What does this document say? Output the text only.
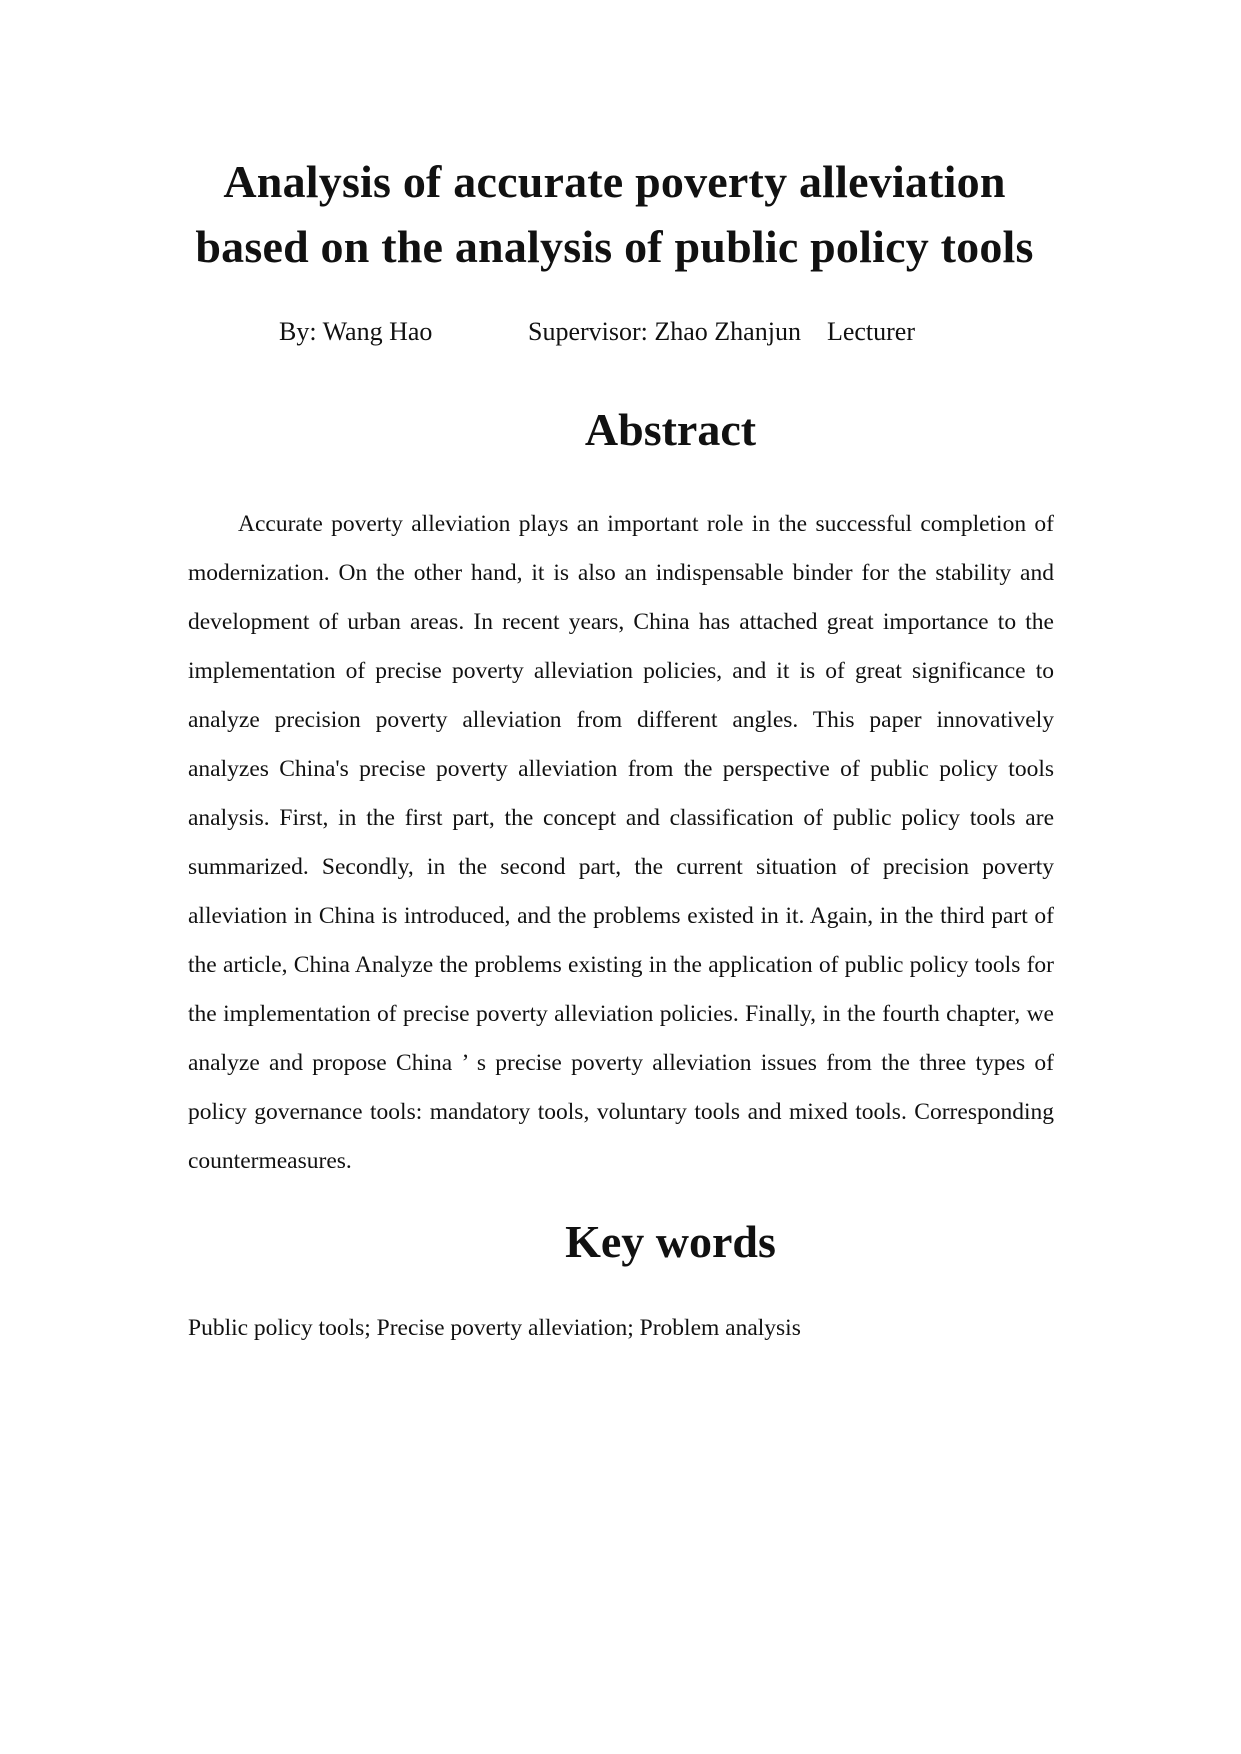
Analysis of accurate poverty alleviation
based on the analysis of public policy tools
By: Wang Hao	Supervisor: Zhao Zhanjun    Lecturer
Abstract

Accurate poverty alleviation plays an important role in the successful completion of modernization. On the other hand, it is also an indispensable binder for the stability and development of urban areas. In recent years, China has attached great importance to the implementation of precise poverty alleviation policies, and it is of great significance to analyze precision poverty alleviation from different angles. This paper innovatively analyzes China's precise poverty alleviation from the perspective of public policy tools analysis. First, in the first part, the concept and classification of public policy tools are summarized. Secondly, in the second part, the current situation of precision poverty alleviation in China is introduced, and the problems existed in it. Again, in the third part of the article, China Analyze the problems existing in the application of public policy tools for the implementation of precise poverty alleviation policies. Finally, in the fourth chapter, we analyze and propose China ’ s precise poverty alleviation issues from the three types of policy governance tools: mandatory tools, voluntary tools and mixed tools. Corresponding countermeasures.

Key words

Public policy tools; Precise poverty alleviation; Problem analysis
